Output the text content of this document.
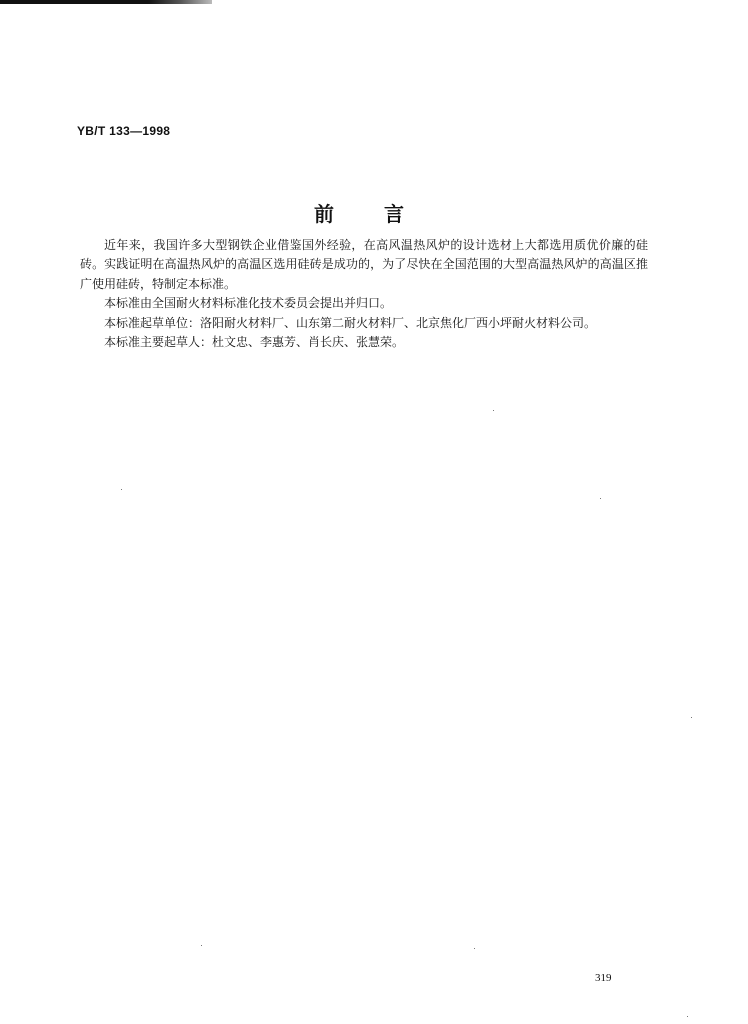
YB/T 133—1998
前	言

近年来，我国许多大型钢铁企业借鉴国外经验，在高风温热风炉的设计选材上大都选用质优价廉的硅砖。实践证明在高温热风炉的高温区选用硅砖是成功的，为了尽快在全国范围的大型高温热风炉的高温区推广使用硅砖，特制定本标准。

本标准由全国耐火材料标准化技术委员会提出并归口。

本标准起草单位：洛阳耐火材料厂、山东第二耐火材料厂、北京焦化厂西小坪耐火材料公司。

本标准主要起草人：杜文忠、李惠芳、肖长庆、张慧荣。

319
